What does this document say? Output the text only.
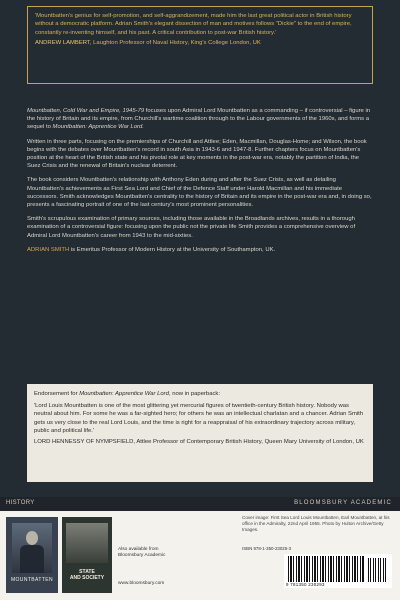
'Mountbatten's genius for self-promotion, and self-aggrandizement, made him the last great political actor in British history without a democratic platform. Adrian Smith's elegant dissection of man and motives follows "Dickie" to the end of empire, constantly re-inventing himself, and his past. A critical contribution to post-war British history.'
ANDREW LAMBERT, Laughton Professor of Naval History, King's College London, UK

Mountbatten, Cold War and Empire, 1945-79 focuses upon Admiral Lord Mountbatten as a commanding – if controversial – figure in the history of Britain and its empire, from Churchill's wartime coalition through to the Labour governments of the 1960s, and forms a sequel to Mountbatten: Apprentice War Lord.

Written in three parts, focusing on the premierships of Churchill and Attlee; Eden, Macmillan, Douglas-Home; and Wilson, the book begins with the debates over Mountbatten's record in south Asia in 1943-6 and 1947-8. Further chapters focus on Mountbatten's position at the heart of the British state and his pivotal role at key moments in the post-war era, notably the partition of India, the Suez Crisis and the renewal of Britain's nuclear deterrent.

The book considers Mountbatten's relationship with Anthony Eden during and after the Suez Crisis, as well as detailing Mountbatten's achievements as First Sea Lord and Chief of the Defence Staff under Harold Macmillan and his immediate successors. Smith acknowledges Mountbatten's centrality to the history of Britain and its empire in the post-war era and, in doing so, presents a fascinating portrait of one of the last century's most prominent personalities.

Smith's scrupulous examination of primary sources, including those available in the Broadlands archives, results in a thorough examination of a controversial figure: focusing upon the public not the private life Smith provides a comprehensive overview of Admiral Lord Mountbatten's career from 1943 to the mid-sixties.

ADRIAN SMITH is Emeritus Professor of Modern History at the University of Southampton, UK.

Endorsement for Mountbatten: Apprentice War Lord, now in paperback:
'Lord Louis Mountbatten is one of the most glittering yet mercurial figures of twentieth-century British history. Nobody was neutral about him. For some he was a far-sighted hero; for others he was an intellectual charlatan and a chancer. Adrian Smith gets us very close to the real Lord Louis, and the time is right for a reappraisal of his extraordinary trajectory across military, public and political life.'
LORD HENNESSY OF NYMPSFIELD, Attlee Professor of Contemporary British History, Queen Mary University of London, UK
HISTORY	BLOOMSBURY ACADEMIC
MOUNTBATTEN
STATE
AND SOCIETY
Also available from
Bloomsbury Academic
www.bloomsbury.com
Cover image: First Sea Lord Louis Mountbatten, Earl Mountbatten, at his office in the Admiralty, 22nd April 1955. Photo by Hulton Archive/Getty Images.
ISBN 978-1-350-23025-3
9 781350 230293
